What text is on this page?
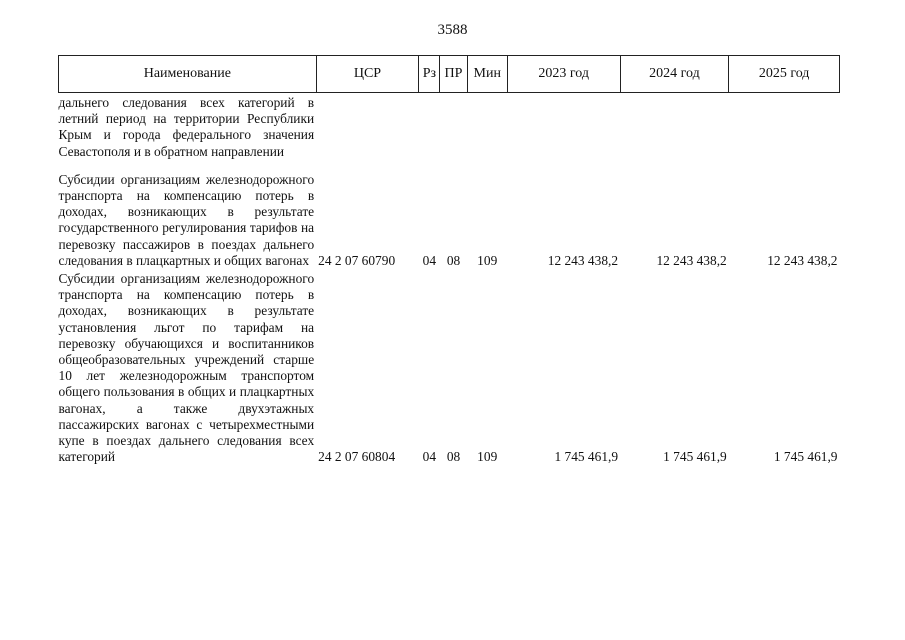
3588
Наименование	ЦСР	Рз	ПР	Мин	2023 год	2024 год	2025 год
дальнего следования всех категорий в летний период на территории Республики Крым и города федерального значения Севастополя и в обратном направлении							

Субсидии организациям железнодорожного транспорта на компенсацию потерь в доходах, возникающих в результате государственного регулирования тарифов на перевозку пассажиров в поездах дальнего следования в плацкартных и общих вагонах	24 2 07 60790	04	08	109	12 243 438,2	12 243 438,2	12 243 438,2
Субсидии организациям железнодорожного транспорта на компенсацию потерь в доходах, возникающих в результате установления льгот по тарифам на перевозку обучающихся и воспитанников общеобразовательных учреждений старше 10 лет железнодорожным транспортом общего пользования в общих и плацкартных вагонах, а также двухэтажных пассажирских вагонах с четырехместными купе в поездах дальнего следования всех категорий	24 2 07 60804	04	08	109	1 745 461,9	1 745 461,9	1 745 461,9
